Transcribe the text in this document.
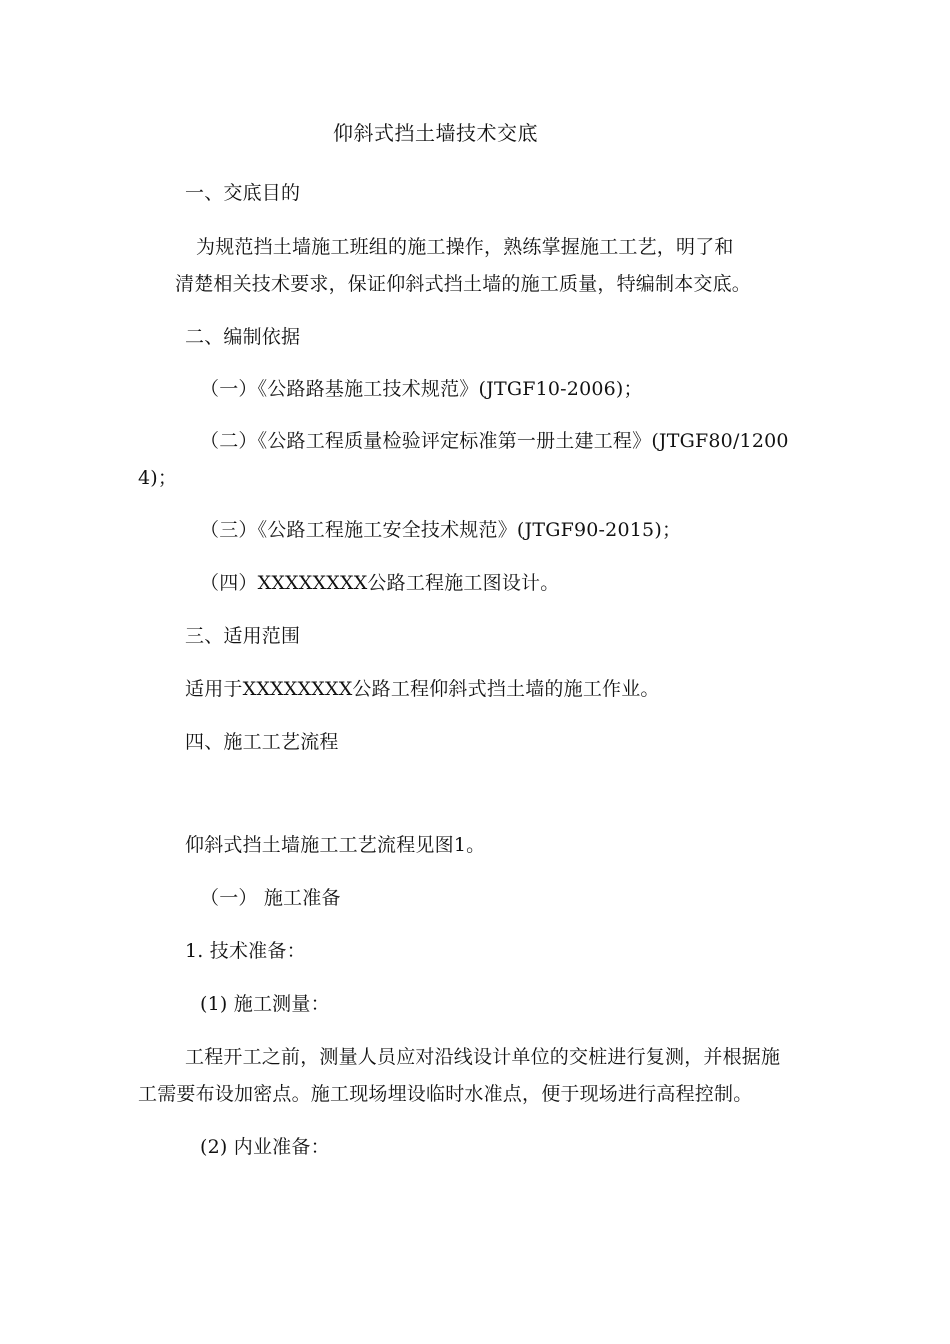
仰斜式挡土墙技术交底
一、交底目的
为规范挡土墙施工班组的施工操作，熟练掌握施工工艺，明了和
清楚相关技术要求，保证仰斜式挡土墙的施工质量，特编制本交底。
二、编制依据
（一）《公路路基施工技术规范》(JTGF10-2006)；
（二）《公路工程质量检验评定标准第一册土建工程》(JTGF80/1200
4)；
（三）《公路工程施工安全技术规范》(JTGF90-2015)；
（四）XXXXXXXX公路工程施工图设计。
三、适用范围
适用于XXXXXXXX公路工程仰斜式挡土墙的施工作业。
四、施工工艺流程
仰斜式挡土墙施工工艺流程见图1。
（一） 施工准备
1. 技术准备：
(1) 施工测量：
工程开工之前，测量人员应对沿线设计单位的交桩进行复测，并根据施
工需要布设加密点。施工现场埋设临时水准点，便于现场进行高程控制。
(2) 内业准备：
